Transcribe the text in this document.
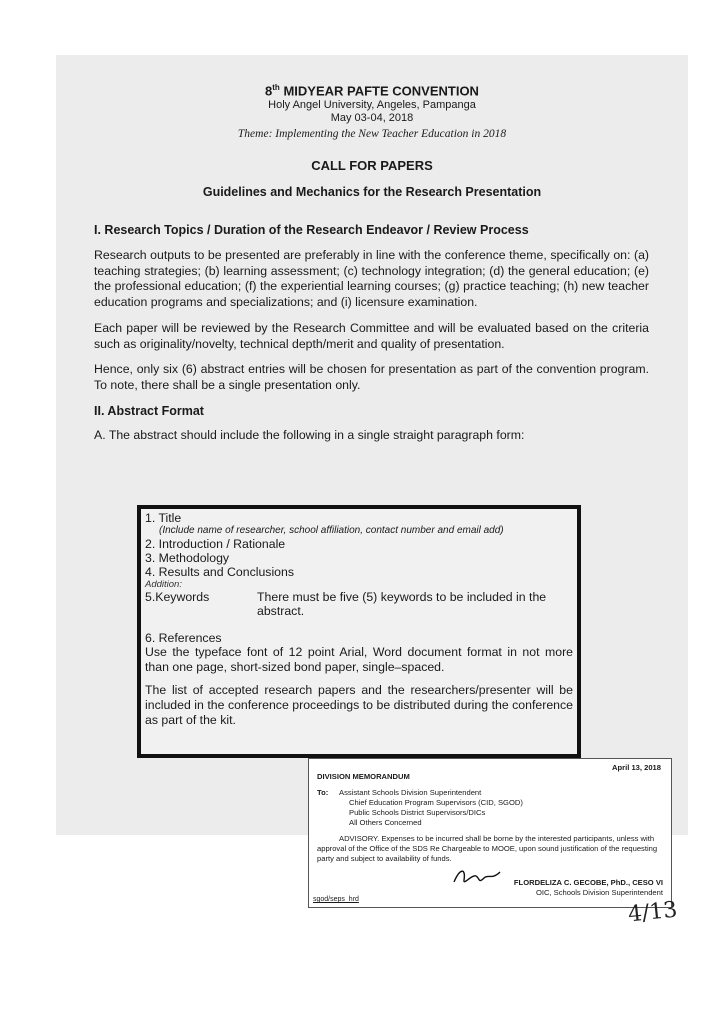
8th MIDYEAR PAFTE CONVENTION

Holy Angel University, Angeles, Pampanga

May 03-04, 2018

Theme: Implementing the New Teacher Education in 2018

CALL FOR PAPERS

Guidelines and Mechanics for the Research Presentation

I. Research Topics / Duration of the Research Endeavor / Review Process

Research outputs to be presented are preferably in line with the conference theme, specifically on: (a) teaching strategies; (b) learning assessment; (c) technology integration; (d) the general education; (e) the professional education; (f) the experiential learning courses; (g) practice teaching; (h) new teacher education programs and specializations; and (i) licensure examination.

Each paper will be reviewed by the Research Committee and will be evaluated based on the criteria such as originality/novelty, technical depth/merit and quality of presentation.

Hence, only six (6) abstract entries will be chosen for presentation as part of the convention program. To note, there shall be a single presentation only.

II. Abstract Format

A. The abstract should include the following in a single straight paragraph form:

1. Title

(Include name of researcher, school affiliation, contact number and email add)

2. Introduction / Rationale

3. Methodology

4. Results and Conclusions

Addition:

5.Keywords	There must be five (5) keywords to be included in the abstract.

6. References

Use the typeface font of 12 point Arial, Word document format in not more than one page, short-sized bond paper, single–spaced.

The list of accepted research papers and the researchers/presenter will be included in the conference proceedings to be distributed during the conference as part of the kit.

April 13, 2018
DIVISION MEMORANDUM
To:	Assistant Schools Division Superintendent
Chief Education Program Supervisors (CID, SGOD)
Public Schools District Supervisors/DICs
All Others Concerned
ADVISORY. Expenses to be incurred shall be borne by the interested participants, unless with approval of the Office of the SDS Re Chargeable to MOOE, upon sound justification of the requesting party and subject to availability of funds.
FLORDELIZA C. GECOBE, PhD., CESO VI
OIC, Schools Division Superintendent
sgod/seps_hrd	4/13
